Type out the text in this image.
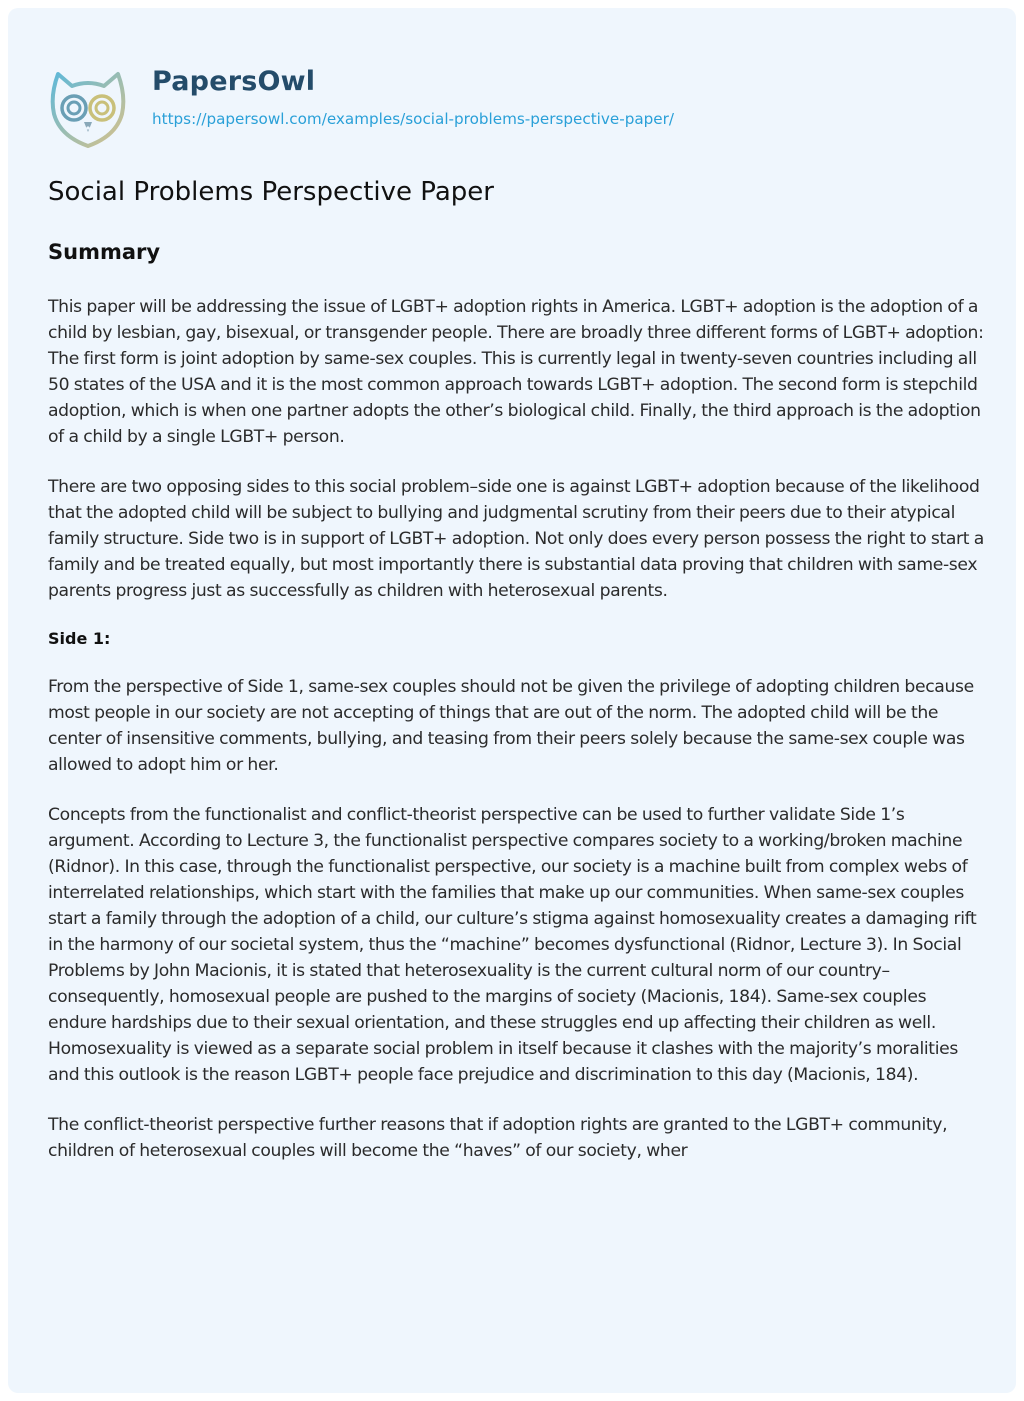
PapersOwl
https://papersowl.com/examples/social-problems-perspective-paper/
Social Problems Perspective Paper
Summary

This paper will be addressing the issue of LGBT+ adoption rights in America. LGBT+ adoption is the adoption of a child by lesbian, gay, bisexual, or transgender people. There are broadly three different forms of LGBT+ adoption: The first form is joint adoption by same-sex couples. This is currently legal in twenty-seven countries including all 50 states of the USA and it is the most common approach towards LGBT+ adoption. The second form is stepchild adoption, which is when one partner adopts the other’s biological child. Finally, the third approach is the adoption of a child by a single LGBT+ person.

There are two opposing sides to this social problem–side one is against LGBT+ adoption because of the likelihood that the adopted child will be subject to bullying and judgmental scrutiny from their peers due to their atypical family structure. Side two is in support of LGBT+ adoption. Not only does every person possess the right to start a family and be treated equally, but most importantly there is substantial data proving that children with same-sex parents progress just as successfully as children with heterosexual parents.

Side 1:

From the perspective of Side 1, same-sex couples should not be given the privilege of adopting children because most people in our society are not accepting of things that are out of the norm. The adopted child will be the center of insensitive comments, bullying, and teasing from their peers solely because the same-sex couple was allowed to adopt him or her.

Concepts from the functionalist and conflict-theorist perspective can be used to further validate Side 1’s argument. According to Lecture 3, the functionalist perspective compares society to a working/broken machine (Ridnor). In this case, through the functionalist perspective, our society is a machine built from complex webs of interrelated relationships, which start with the families that make up our communities. When same-sex couples start a family through the adoption of a child, our culture’s stigma against homosexuality creates a damaging rift in the harmony of our societal system, thus the “machine” becomes dysfunctional (Ridnor, Lecture 3). In Social Problems by John Macionis, it is stated that heterosexuality is the current cultural norm of our country–consequently, homosexual people are pushed to the margins of society (Macionis, 184). Same-sex couples endure hardships due to their sexual orientation, and these struggles end up affecting their children as well. Homosexuality is viewed as a separate social problem in itself because it clashes with the majority’s moralities and this outlook is the reason LGBT+ people face prejudice and discrimination to this day (Macionis, 184).

The conflict-theorist perspective further reasons that if adoption rights are granted to the LGBT+ community, children of heterosexual couples will become the “haves” of our society, wher
